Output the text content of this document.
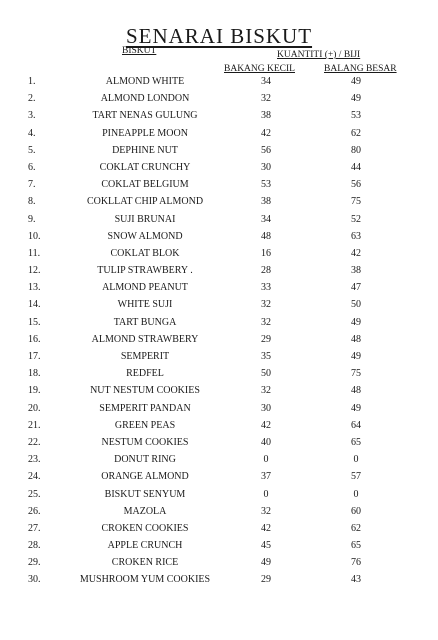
SENARAI BISKUT
BISKUT	KUANTITI (+) / BIJI
BAKANG KECIL	BALANG BESAR
1.	ALMOND WHITE	34	49
2.	ALMOND LONDON	32	49
3.	TART NENAS GULUNG	38	53
4.	PINEAPPLE MOON	42	62
5.	DEPHINE NUT	56	80
6.	COKLAT CRUNCHY	30	44
7.	COKLAT BELGIUM	53	56
8.	COKLLAT CHIP ALMOND	38	75
9.	SUJI BRUNAI	34	52
10.	SNOW ALMOND	48	63
11.	COKLAT BLOK	16	42
12.	TULIP STRAWBERY .	28	38
13.	ALMOND PEANUT	33	47
14.	WHITE SUJI	32	50
15.	TART BUNGA	32	49
16.	ALMOND STRAWBERY	29	48
17.	SEMPERIT	35	49
18.	REDFEL	50	75
19.	NUT NESTUM COOKIES	32	48
20.	SEMPERIT PANDAN	30	49
21.	GREEN PEAS	42	64
22.	NESTUM COOKIES	40	65
23.	DONUT RING	0	0
24.	ORANGE ALMOND	37	57
25.	BISKUT SENYUM	0	0
26.	MAZOLA	32	60
27.	CROKEN COOKIES	42	62
28.	APPLE CRUNCH	45	65
29.	CROKEN RICE	49	76
30.	MUSHROOM YUM COOKIES	29	43
